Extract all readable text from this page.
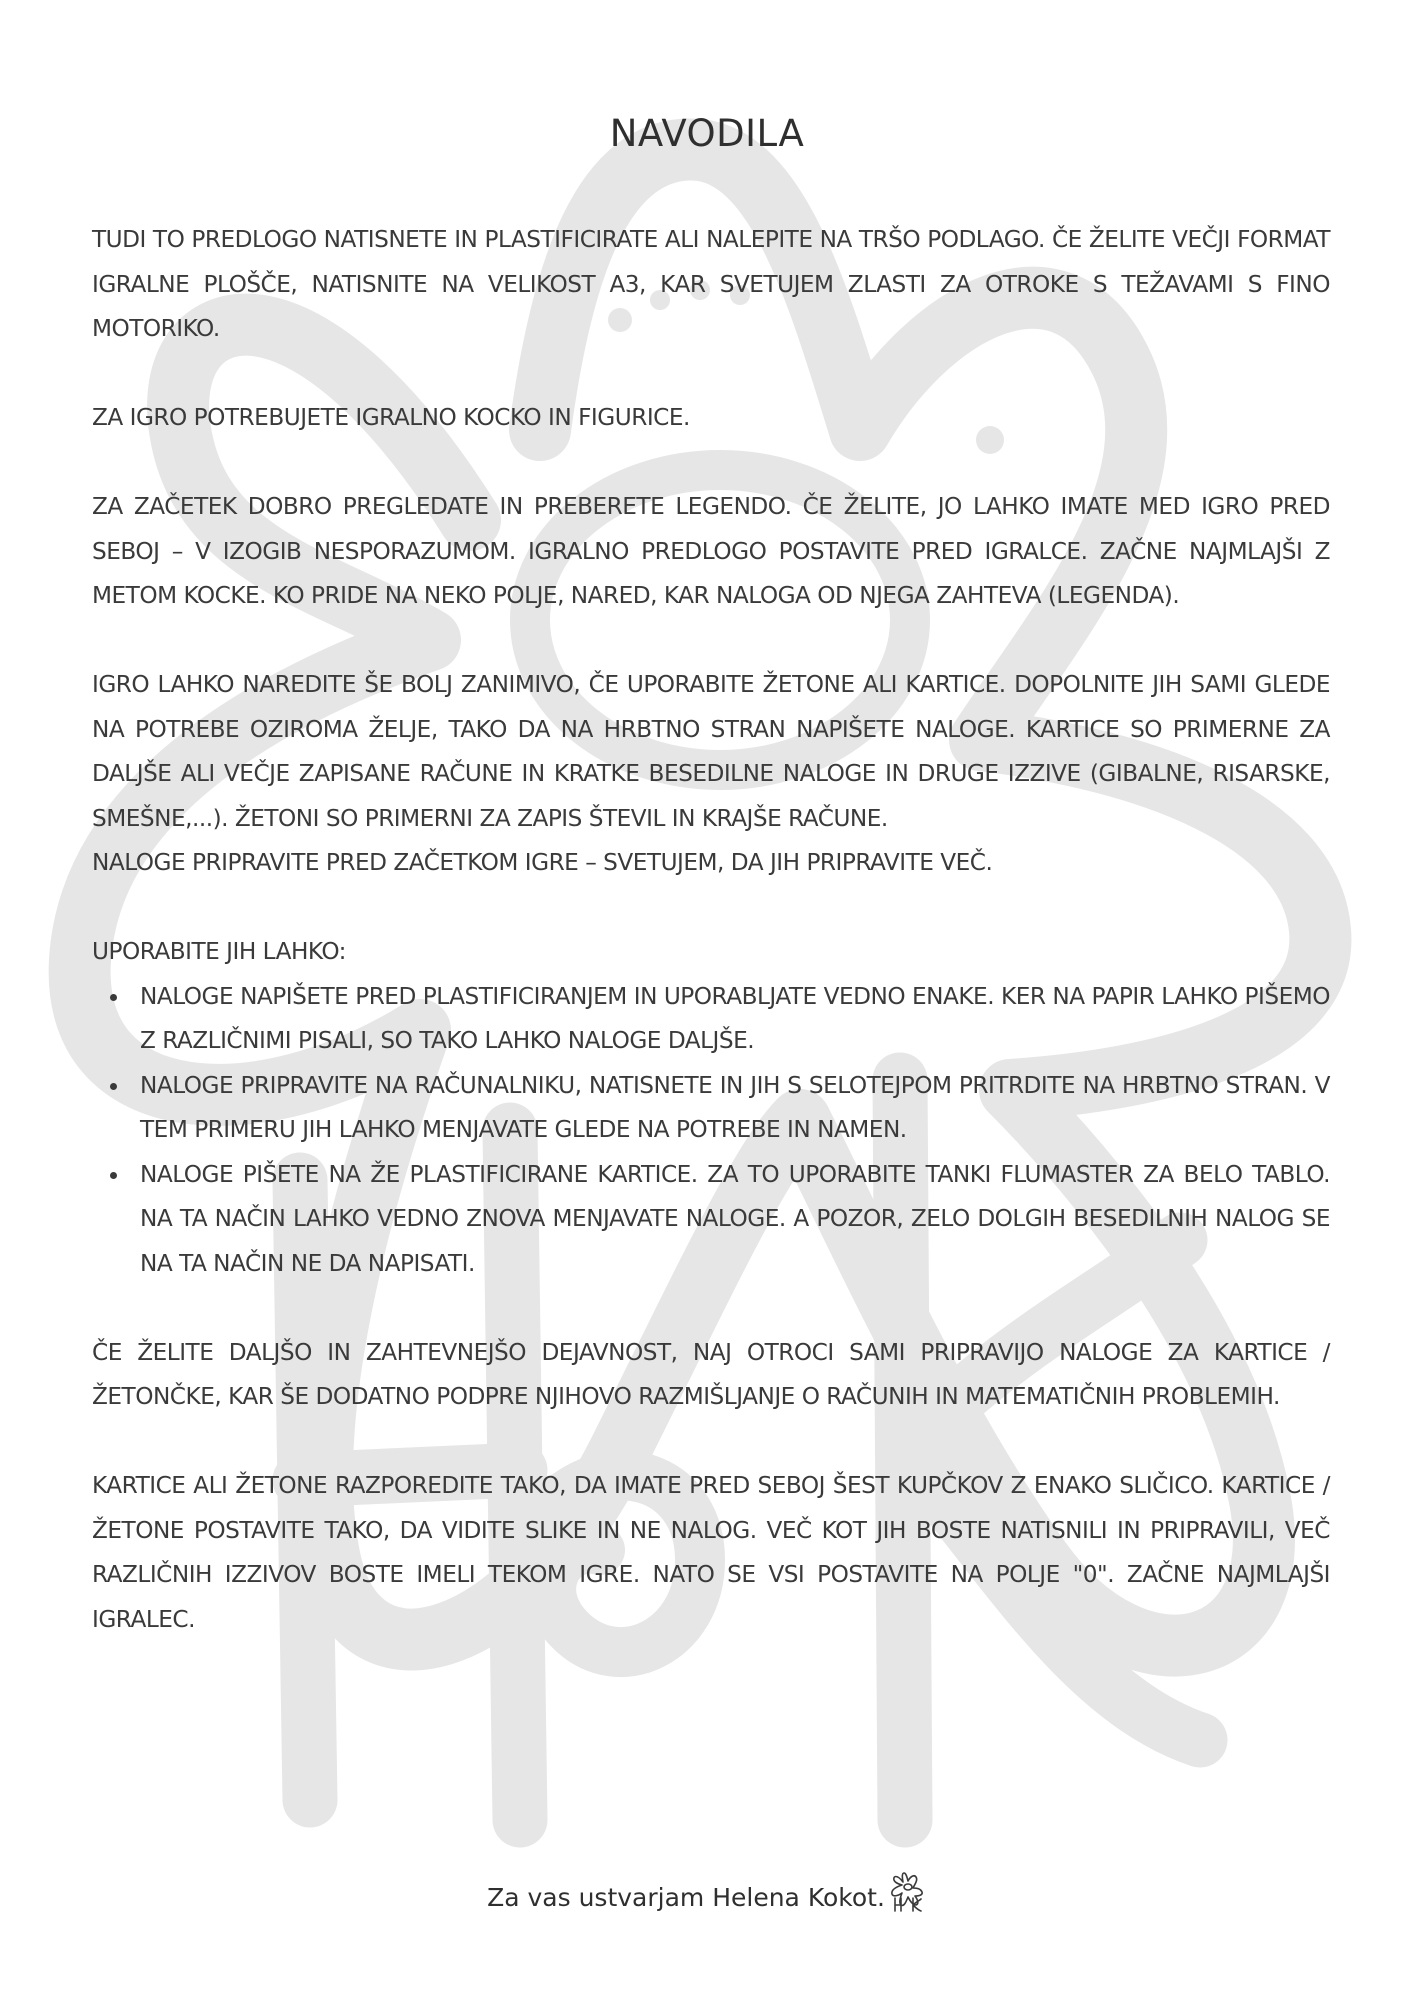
NAVODILA

TUDI TO PREDLOGO NATISNETE IN PLASTIFICIRATE ALI NALEPITE NA TRŠO PODLAGO. ČE ŽELITE VEČJI FORMAT IGRALNE PLOŠČE, NATISNITE NA VELIKOST A3, KAR SVETUJEM ZLASTI ZA OTROKE S TEŽAVAMI S FINO MOTORIKO.

ZA IGRO POTREBUJETE IGRALNO KOCKO IN FIGURICE.

ZA ZAČETEK DOBRO PREGLEDATE IN PREBERETE LEGENDO. ČE ŽELITE, JO LAHKO IMATE MED IGRO PRED SEBOJ – V IZOGIB NESPORAZUMOM. IGRALNO PREDLOGO POSTAVITE PRED IGRALCE. ZAČNE NAJMLAJŠI Z METOM KOCKE. KO PRIDE NA NEKO POLJE, NARED, KAR NALOGA OD NJEGA ZAHTEVA (LEGENDA).

IGRO LAHKO NAREDITE ŠE BOLJ ZANIMIVO, ČE UPORABITE ŽETONE ALI KARTICE. DOPOLNITE JIH SAMI GLEDE NA POTREBE OZIROMA ŽELJE, TAKO DA NA HRBTNO STRAN NAPIŠETE NALOGE. KARTICE SO PRIMERNE ZA DALJŠE ALI VEČJE ZAPISANE RAČUNE IN KRATKE BESEDILNE NALOGE IN DRUGE IZZIVE (GIBALNE, RISARSKE, SMEŠNE,...). ŽETONI SO PRIMERNI ZA ZAPIS ŠTEVIL IN KRAJŠE RAČUNE.

NALOGE PRIPRAVITE PRED ZAČETKOM IGRE – SVETUJEM, DA JIH PRIPRAVITE VEČ.

UPORABITE JIH LAHKO:

NALOGE NAPIŠETE PRED PLASTIFICIRANJEM IN UPORABLJATE VEDNO ENAKE. KER NA PAPIR LAHKO PIŠEMO Z RAZLIČNIMI PISALI, SO TAKO LAHKO NALOGE DALJŠE.
NALOGE PRIPRAVITE NA RAČUNALNIKU, NATISNETE IN JIH S SELOTEJPOM PRITRDITE NA HRBTNO STRAN. V TEM PRIMERU JIH LAHKO MENJAVATE GLEDE NA POTREBE IN NAMEN.
NALOGE PIŠETE NA ŽE PLASTIFICIRANE KARTICE. ZA TO UPORABITE TANKI FLUMASTER ZA BELO TABLO. NA TA NAČIN LAHKO VEDNO ZNOVA MENJAVATE NALOGE. A POZOR, ZELO DOLGIH BESEDILNIH NALOG SE NA TA NAČIN NE DA NAPISATI.

ČE ŽELITE DALJŠO IN ZAHTEVNEJŠO DEJAVNOST, NAJ OTROCI SAMI PRIPRAVIJO NALOGE ZA KARTICE / ŽETONČKE, KAR ŠE DODATNO PODPRE NJIHOVO RAZMIŠLJANJE O RAČUNIH IN MATEMATIČNIH PROBLEMIH.

KARTICE ALI ŽETONE RAZPOREDITE TAKO, DA IMATE PRED SEBOJ ŠEST KUPČKOV Z ENAKO SLIČICO. KARTICE / ŽETONE POSTAVITE TAKO, DA VIDITE SLIKE IN NE NALOG. VEČ KOT JIH BOSTE NATISNILI IN PRIPRAVILI, VEČ RAZLIČNIH IZZIVOV BOSTE IMELI TEKOM IGRE. NATO SE VSI POSTAVITE NA POLJE "0". ZAČNE NAJMLAJŠI IGRALEC.

Za vas ustvarjam Helena Kokot.
